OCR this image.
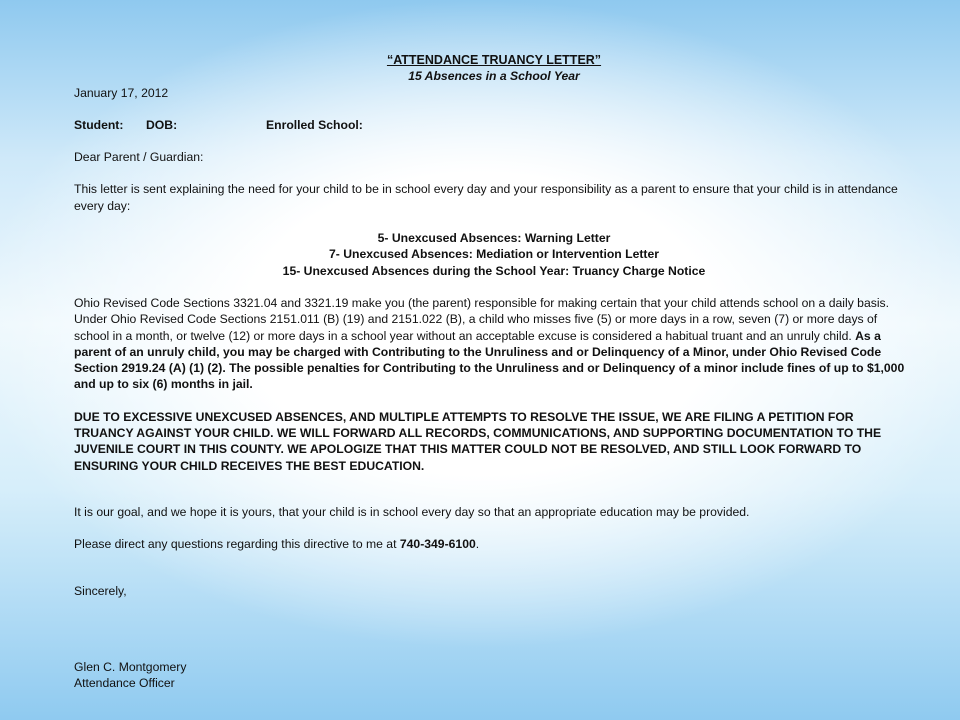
“ATTENDANCE TRUANCY LETTER”
15 Absences in a School Year
January 17, 2012
Student: DOB:	Enrolled School:
Dear Parent / Guardian:
This letter is sent explaining the need for your child to be in school every day and your responsibility as a parent to ensure that your child is in attendance every day:
5- Unexcused Absences: Warning Letter
7- Unexcused Absences: Mediation or Intervention Letter
15- Unexcused Absences during the School Year: Truancy Charge Notice
Ohio Revised Code Sections 3321.04 and 3321.19 make you (the parent) responsible for making certain that your child attends school on a daily basis. Under Ohio Revised Code Sections 2151.011 (B) (19) and 2151.022 (B), a child who misses five (5) or more days in a row, seven (7) or more days of school in a month, or twelve (12) or more days in a school year without an acceptable excuse is considered a habitual truant and an unruly child. As a parent of an unruly child, you may be charged with Contributing to the Unruliness and or Delinquency of a Minor, under Ohio Revised Code Section 2919.24 (A) (1) (2). The possible penalties for Contributing to the Unruliness and or Delinquency of a minor include fines of up to $1,000 and up to six (6) months in jail.
DUE TO EXCESSIVE UNEXCUSED ABSENCES, AND MULTIPLE ATTEMPTS TO RESOLVE THE ISSUE, WE ARE FILING A PETITION FOR TRUANCY AGAINST YOUR CHILD. WE WILL FORWARD ALL RECORDS, COMMUNICATIONS, AND SUPPORTING DOCUMENTATION TO THE JUVENILE COURT IN THIS COUNTY. WE APOLOGIZE THAT THIS MATTER COULD NOT BE RESOLVED, AND STILL LOOK FORWARD TO ENSURING YOUR CHILD RECEIVES THE BEST EDUCATION.
It is our goal, and we hope it is yours, that your child is in school every day so that an appropriate education may be provided.
Please direct any questions regarding this directive to me at 740-349-6100.
Sincerely,
Glen C. Montgomery
Attendance Officer
